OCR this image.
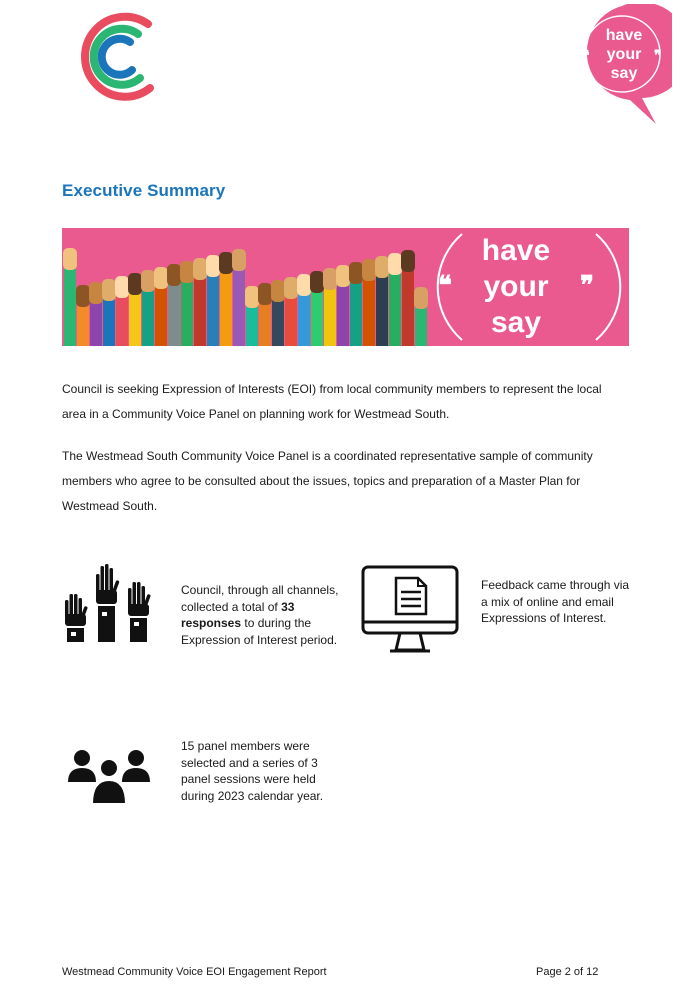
have
your
say
❝	❞
Executive Summary
❝	❞
have
your
say

Council is seeking Expression of Interests (EOI) from local community members to represent the local area in a Community Voice Panel on planning work for Westmead South.

The Westmead South Community Voice Panel is a coordinated representative sample of community members who agree to be consulted about the issues, topics and preparation of a Master Plan for Westmead South.

Council, through all channels, collected a total of 33 responses to during the Expression of Interest period.
Feedback came through via a mix of online and email Expressions of Interest.
15 panel members were selected and a series of 3 panel sessions were held during 2023 calendar year.
Westmead Community Voice EOI Engagement Report	Page 2 of 12
